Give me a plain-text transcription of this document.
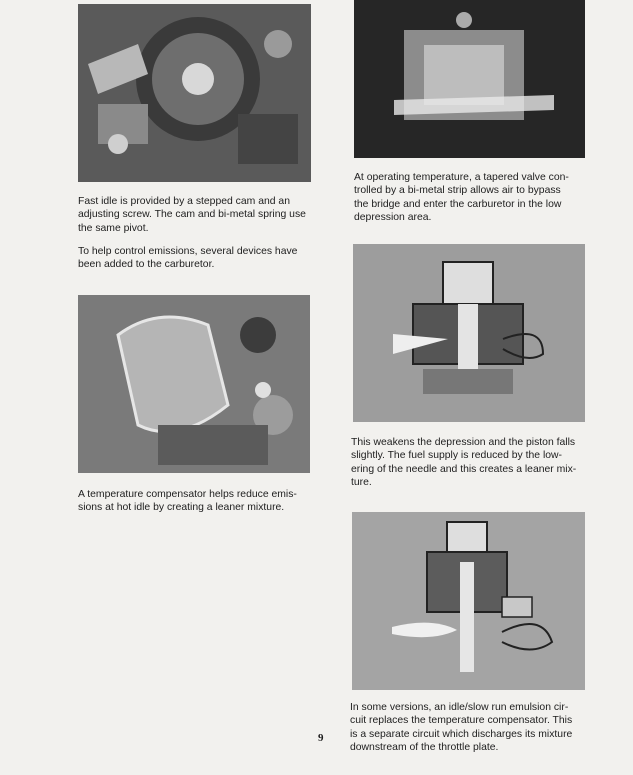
Fast idle is provided by a stepped cam and an
adjusting screw. The cam and bi-metal spring use
the same pivot.

To help control emissions, several devices have
been added to the carburetor.

A temperature compensator helps reduce emis-
sions at hot idle by creating a leaner mixture.

At operating temperature, a tapered valve con-
trolled by a bi-metal strip allows air to bypass
the bridge and enter the carburetor in the low
depression area.

This weakens the depression and the piston falls
slightly. The fuel supply is reduced by the low-
ering of the needle and this creates a leaner mix-
ture.

In some versions, an idle/slow run emulsion cir-
cuit replaces the temperature compensator. This
is a separate circuit which discharges its mixture
downstream of the throttle plate.

9
